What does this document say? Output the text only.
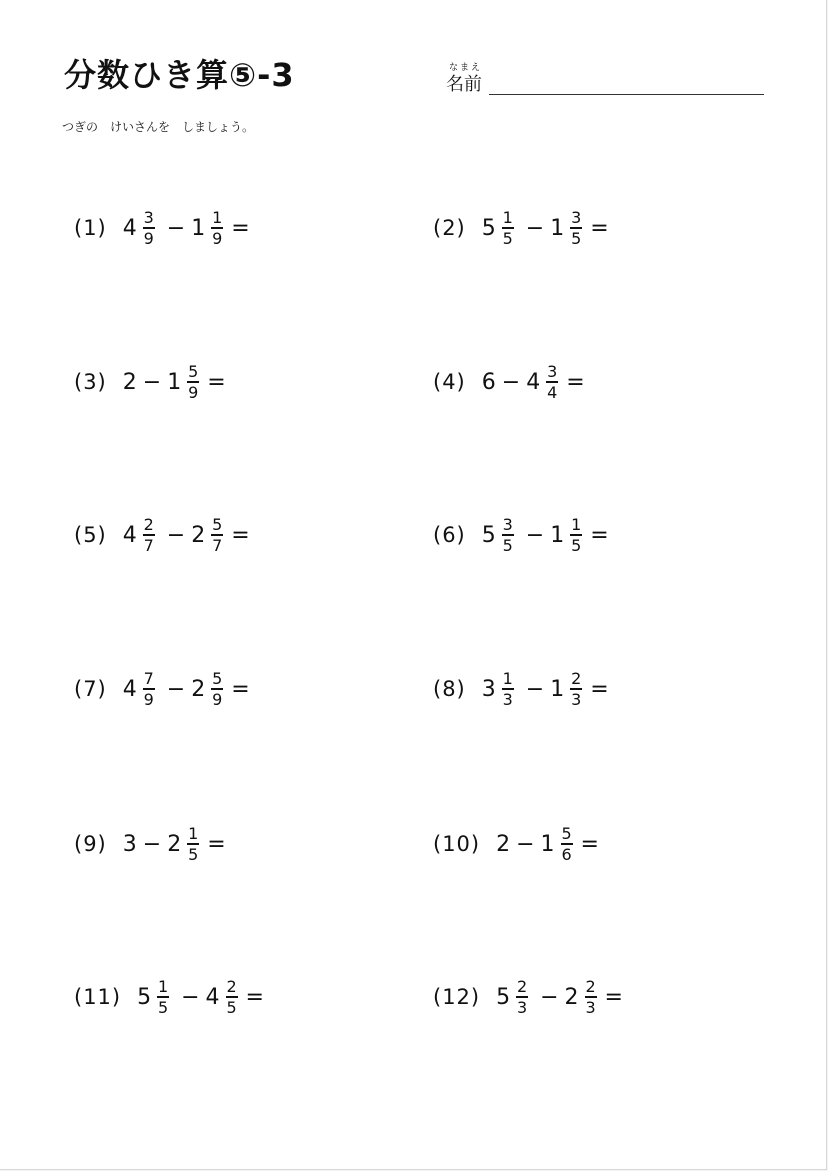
分数ひき算⑤-3	なまえ
名前
つぎの　けいさんを　しましょう。
(1) $4 \frac{3}{9} - 1 \frac{1}{9}$ =	(2) $5 \frac{1}{5} - 1 \frac{3}{5}$ =
(3) $2 - 1 \frac{5}{9}$ =	(4) $6 - 4 \frac{3}{4}$ =
(5) $4 \frac{2}{7} - 2 \frac{5}{7}$ =	(6) $5 \frac{3}{5} - 1 \frac{1}{5}$ =
(7) $4 \frac{7}{9} - 2 \frac{5}{9}$ =	(8) $3 \frac{1}{3} - 1 \frac{2}{3}$ =
(9) $3 - 2 \frac{1}{5}$ =	(10) $2 - 1 \frac{5}{6}$ =
(11) $5 \frac{1}{5} - 4 \frac{2}{5}$ =	(12) $5 \frac{2}{3} - 2 \frac{2}{3}$ =
